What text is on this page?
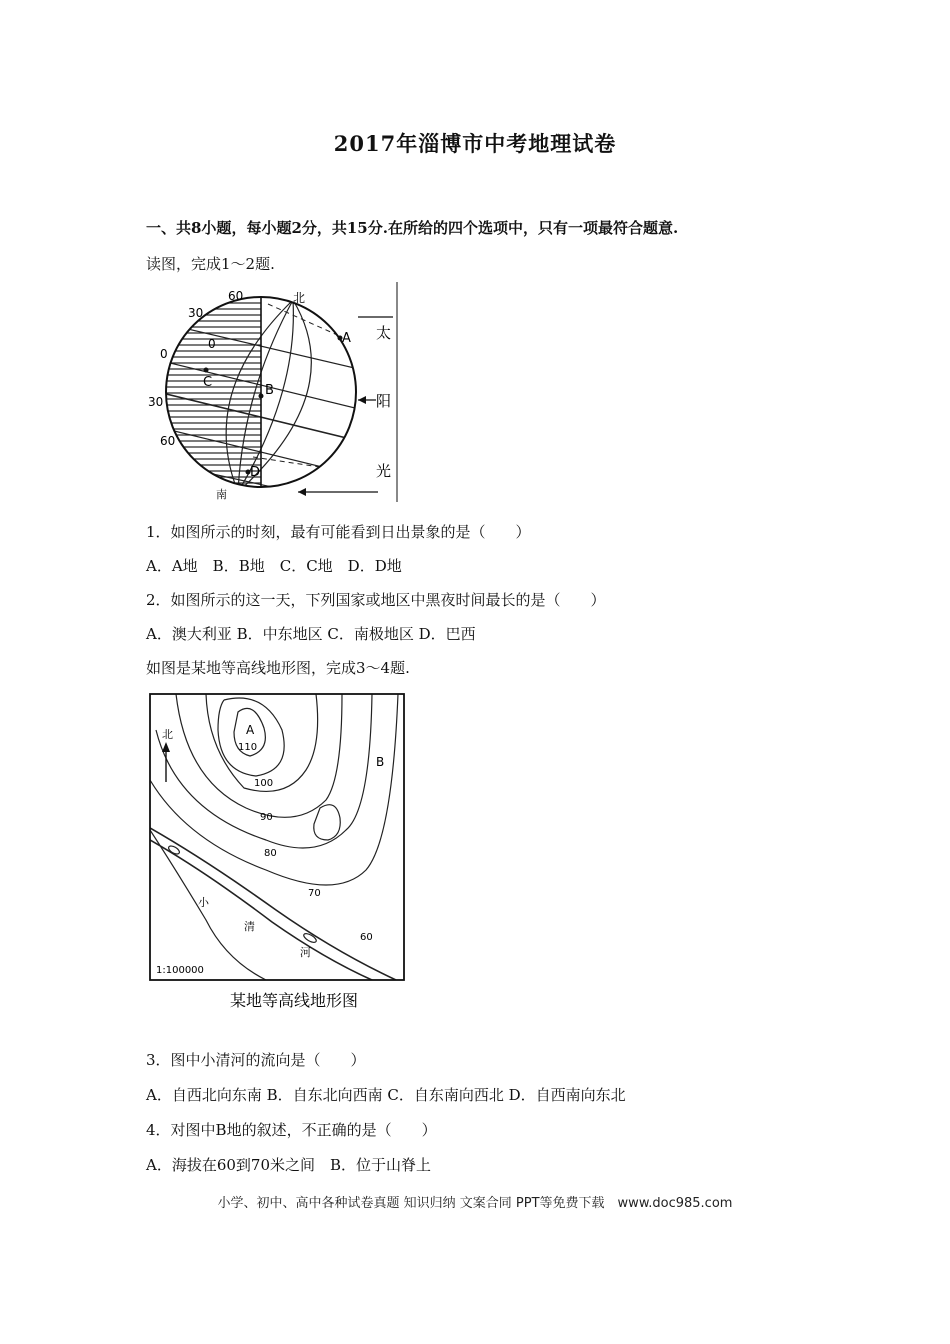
2017年淄博市中考地理试卷
一、共8小题，每小题2分，共15分.在所给的四个选项中，只有一项最符合题意.
读图，完成1～2题.
60
30
0
30
60
北
南
A
B
C
D
0
太
阳
光
1．如图所示的时刻，最有可能看到日出景象的是（　　）
A．A地　B．B地　C．C地　D．D地
2．如图所示的这一天，下列国家或地区中黑夜时间最长的是（　　）
A．澳大利亚 B．中东地区 C．南极地区 D．巴西
如图是某地等高线地形图，完成3～4题.
北	A
B
110
100
90
80
70
60
小
清
河
1:100000
某地等高线地形图
3．图中小清河的流向是（　　）
A．自西北向东南 B．自东北向西南 C．自东南向西北 D．自西南向东北
4．对图中B地的叙述，不正确的是（　　）
A．海拔在60到70米之间　B．位于山脊上
小学、初中、高中各种试卷真题 知识归纳 文案合同 PPT等免费下载　www.doc985.com
